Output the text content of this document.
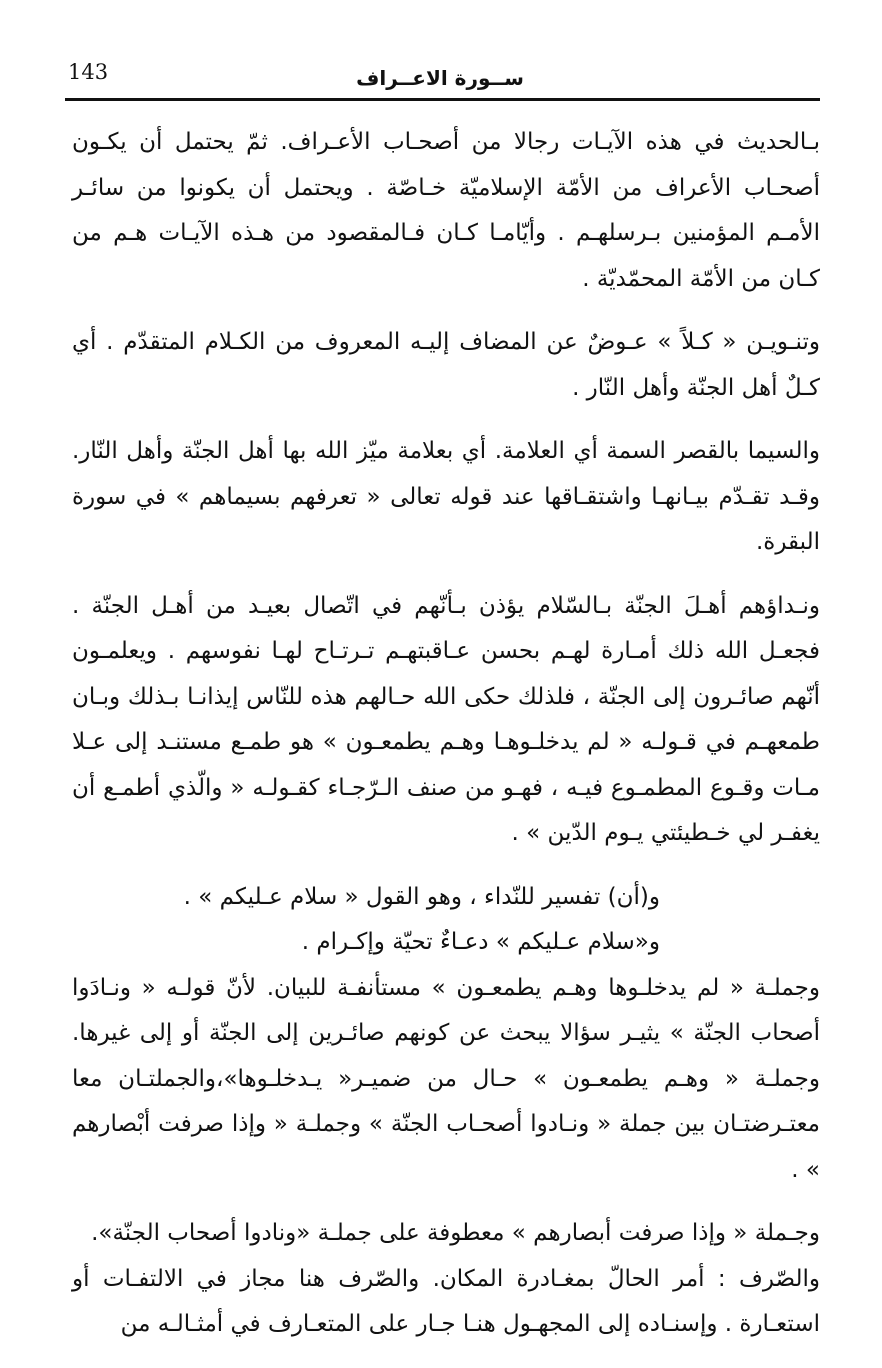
143	ســورة الاعــراف

بـالحديث في هذه الآيـات رجالا من أصحـاب الأعـراف. ثمّ يحتمل أن يكـون أصحـاب الأعراف من الأمّة الإسلاميّة خـاصّة . ويحتمل أن يكونوا من سائـر الأمـم المؤمنين بـرسلهـم . وأيّامـا كـان فـالمقصود من هـذه الآيـات هـم من كـان من الأمّة المحمّديّة .

وتنـويـن « كـلاً » عـوضٌ عن المضاف إليـه المعروف من الكـلام المتقدّم . أي كـلٌ أهل الجنّة وأهل النّار .

والسيما بالقصر السمة أي العلامة. أي بعلامة ميّز الله بها أهل الجنّة وأهل النّار. وقـد تقـدّم بيـانهـا واشتقـاقها عند قوله تعالى « تعرفهم بسيماهم » في سورة البقرة.

ونـداؤهم أهـلَ الجنّة بـالسّلام يؤذن بـأنّهم في اتّصال بعيـد من أهـل الجنّة . فجعـل الله ذلك أمـارة لهـم بحسن عـاقبتهـم تـرتـاح لهـا نفوسهم . ويعلمـون أنّهم صائـرون إلى الجنّة ، فلذلك حكى الله حـالهم هذه للنّاس إيذانـا بـذلك وبـان طمعهـم في قـولـه « لم يدخلـوهـا وهـم يطمعـون » هو طمـع مستنـد إلى عـلا مـات وقـوع المطمـوع فيـه ، فهـو من صنف الـرّجـاء كقـولـه « والّذي أطمـع أن يغفـر لي خـطيئتي يـوم الدّين » .

و(أن) تفسير للنّداء ، وهو القول « سلام عـليكم » .

و«سلام عـليكم » دعـاءٌ تحيّة وإكـرام .

وجملـة « لم يدخلـوها وهـم يطمعـون » مستأنفـة للبيان. لأنّ قولـه « ونـادَوا أصحاب الجنّة » يثيـر سؤالا يبحث عن كونهم صائـرين إلى الجنّة أو إلى غيرها. وجملـة « وهـم يطمعـون » حـال من ضميـر« يـدخلـوها»،والجملتـان معا معتـرضتـان بين جملة « ونـادوا أصحـاب الجنّة » وجملـة « وإذا صرفت أبْصارهم » .

وجـملة « وإذا صرفت أبصارهم » معطوفة على جملـة «ونادوا أصحاب الجنّة».

والصّرف : أمر الحالّ بمغـادرة المكان. والصّرف هنا مجاز في الالتفـات أو استعـارة . وإسنـاده إلى المجهـول هنـا جـار على المتعـارف في أمثـالـه من
